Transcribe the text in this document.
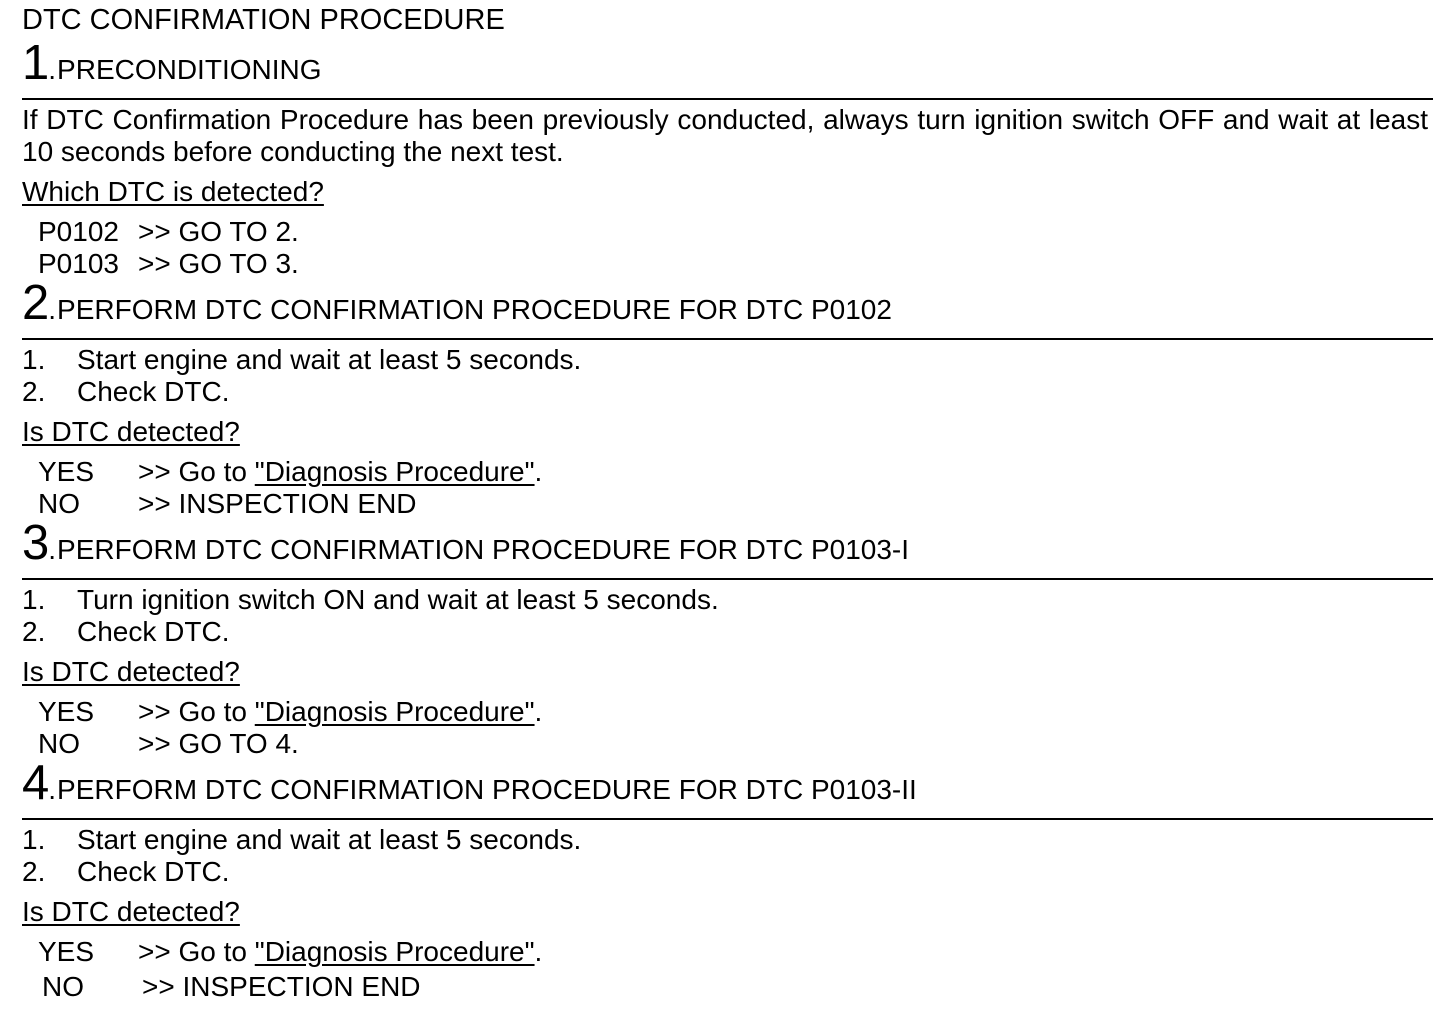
DTC CONFIRMATION PROCEDURE
1.PRECONDITIONING
If DTC Confirmation Procedure has been previously conducted, always turn ignition switch OFF and wait at least 10 seconds before conducting the next test.
Which DTC is detected?
P0102 >> GO TO 2.
P0103 >> GO TO 3.
2.PERFORM DTC CONFIRMATION PROCEDURE FOR DTC P0102
1. Start engine and wait at least 5 seconds.
2. Check DTC.
Is DTC detected?
YES >> Go to "Diagnosis Procedure".
NO >> INSPECTION END
3.PERFORM DTC CONFIRMATION PROCEDURE FOR DTC P0103-I
1. Turn ignition switch ON and wait at least 5 seconds.
2. Check DTC.
Is DTC detected?
YES >> Go to "Diagnosis Procedure".
NO >> GO TO 4.
4.PERFORM DTC CONFIRMATION PROCEDURE FOR DTC P0103-II
1. Start engine and wait at least 5 seconds.
2. Check DTC.
Is DTC detected?
YES >> Go to "Diagnosis Procedure".
NO >> INSPECTION END
